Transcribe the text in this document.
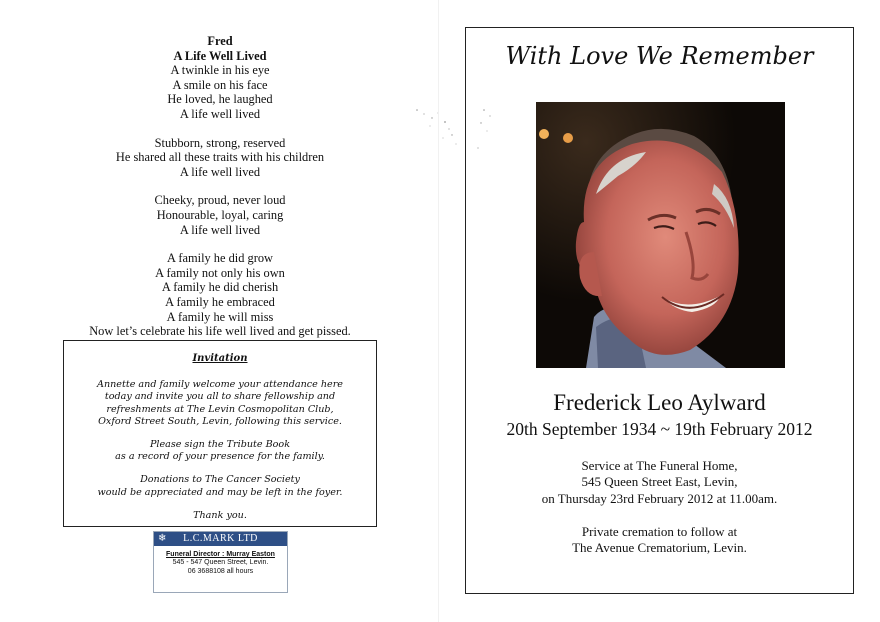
Fred
A Life Well Lived
A twinkle in his eye
A smile on his face
He loved, he laughed
A life well lived
Stubborn, strong, reserved
He shared all these traits with his children
A life well lived
Cheeky, proud, never loud
Honourable, loyal, caring
A life well lived
A family he did grow
A family not only his own
A family he did cherish
A family he embraced
A family he will miss
Now let’s celebrate his life well lived and get pissed.
Invitation
Annette and family welcome your attendance here
today and invite you all to share fellowship and
refreshments at The Levin Cosmopolitan Club,
Oxford Street South, Levin, following this service.
Please sign the Tribute Book
as a record of your presence for the family.
Donations to The Cancer Society
would be appreciated and may be left in the foyer.
Thank you.
❄ L.C.MARK LTD
Funeral Director : Murray Easton
545 - 547 Queen Street, Levin.
06 3688108 all hours
With Love We Remember
Frederick Leo Aylward
20th September 1934 ~ 19th February 2012
Service at The Funeral Home,
545 Queen Street East, Levin,
on Thursday 23rd February 2012 at 11.00am.
Private cremation to follow at
The Avenue Crematorium, Levin.
